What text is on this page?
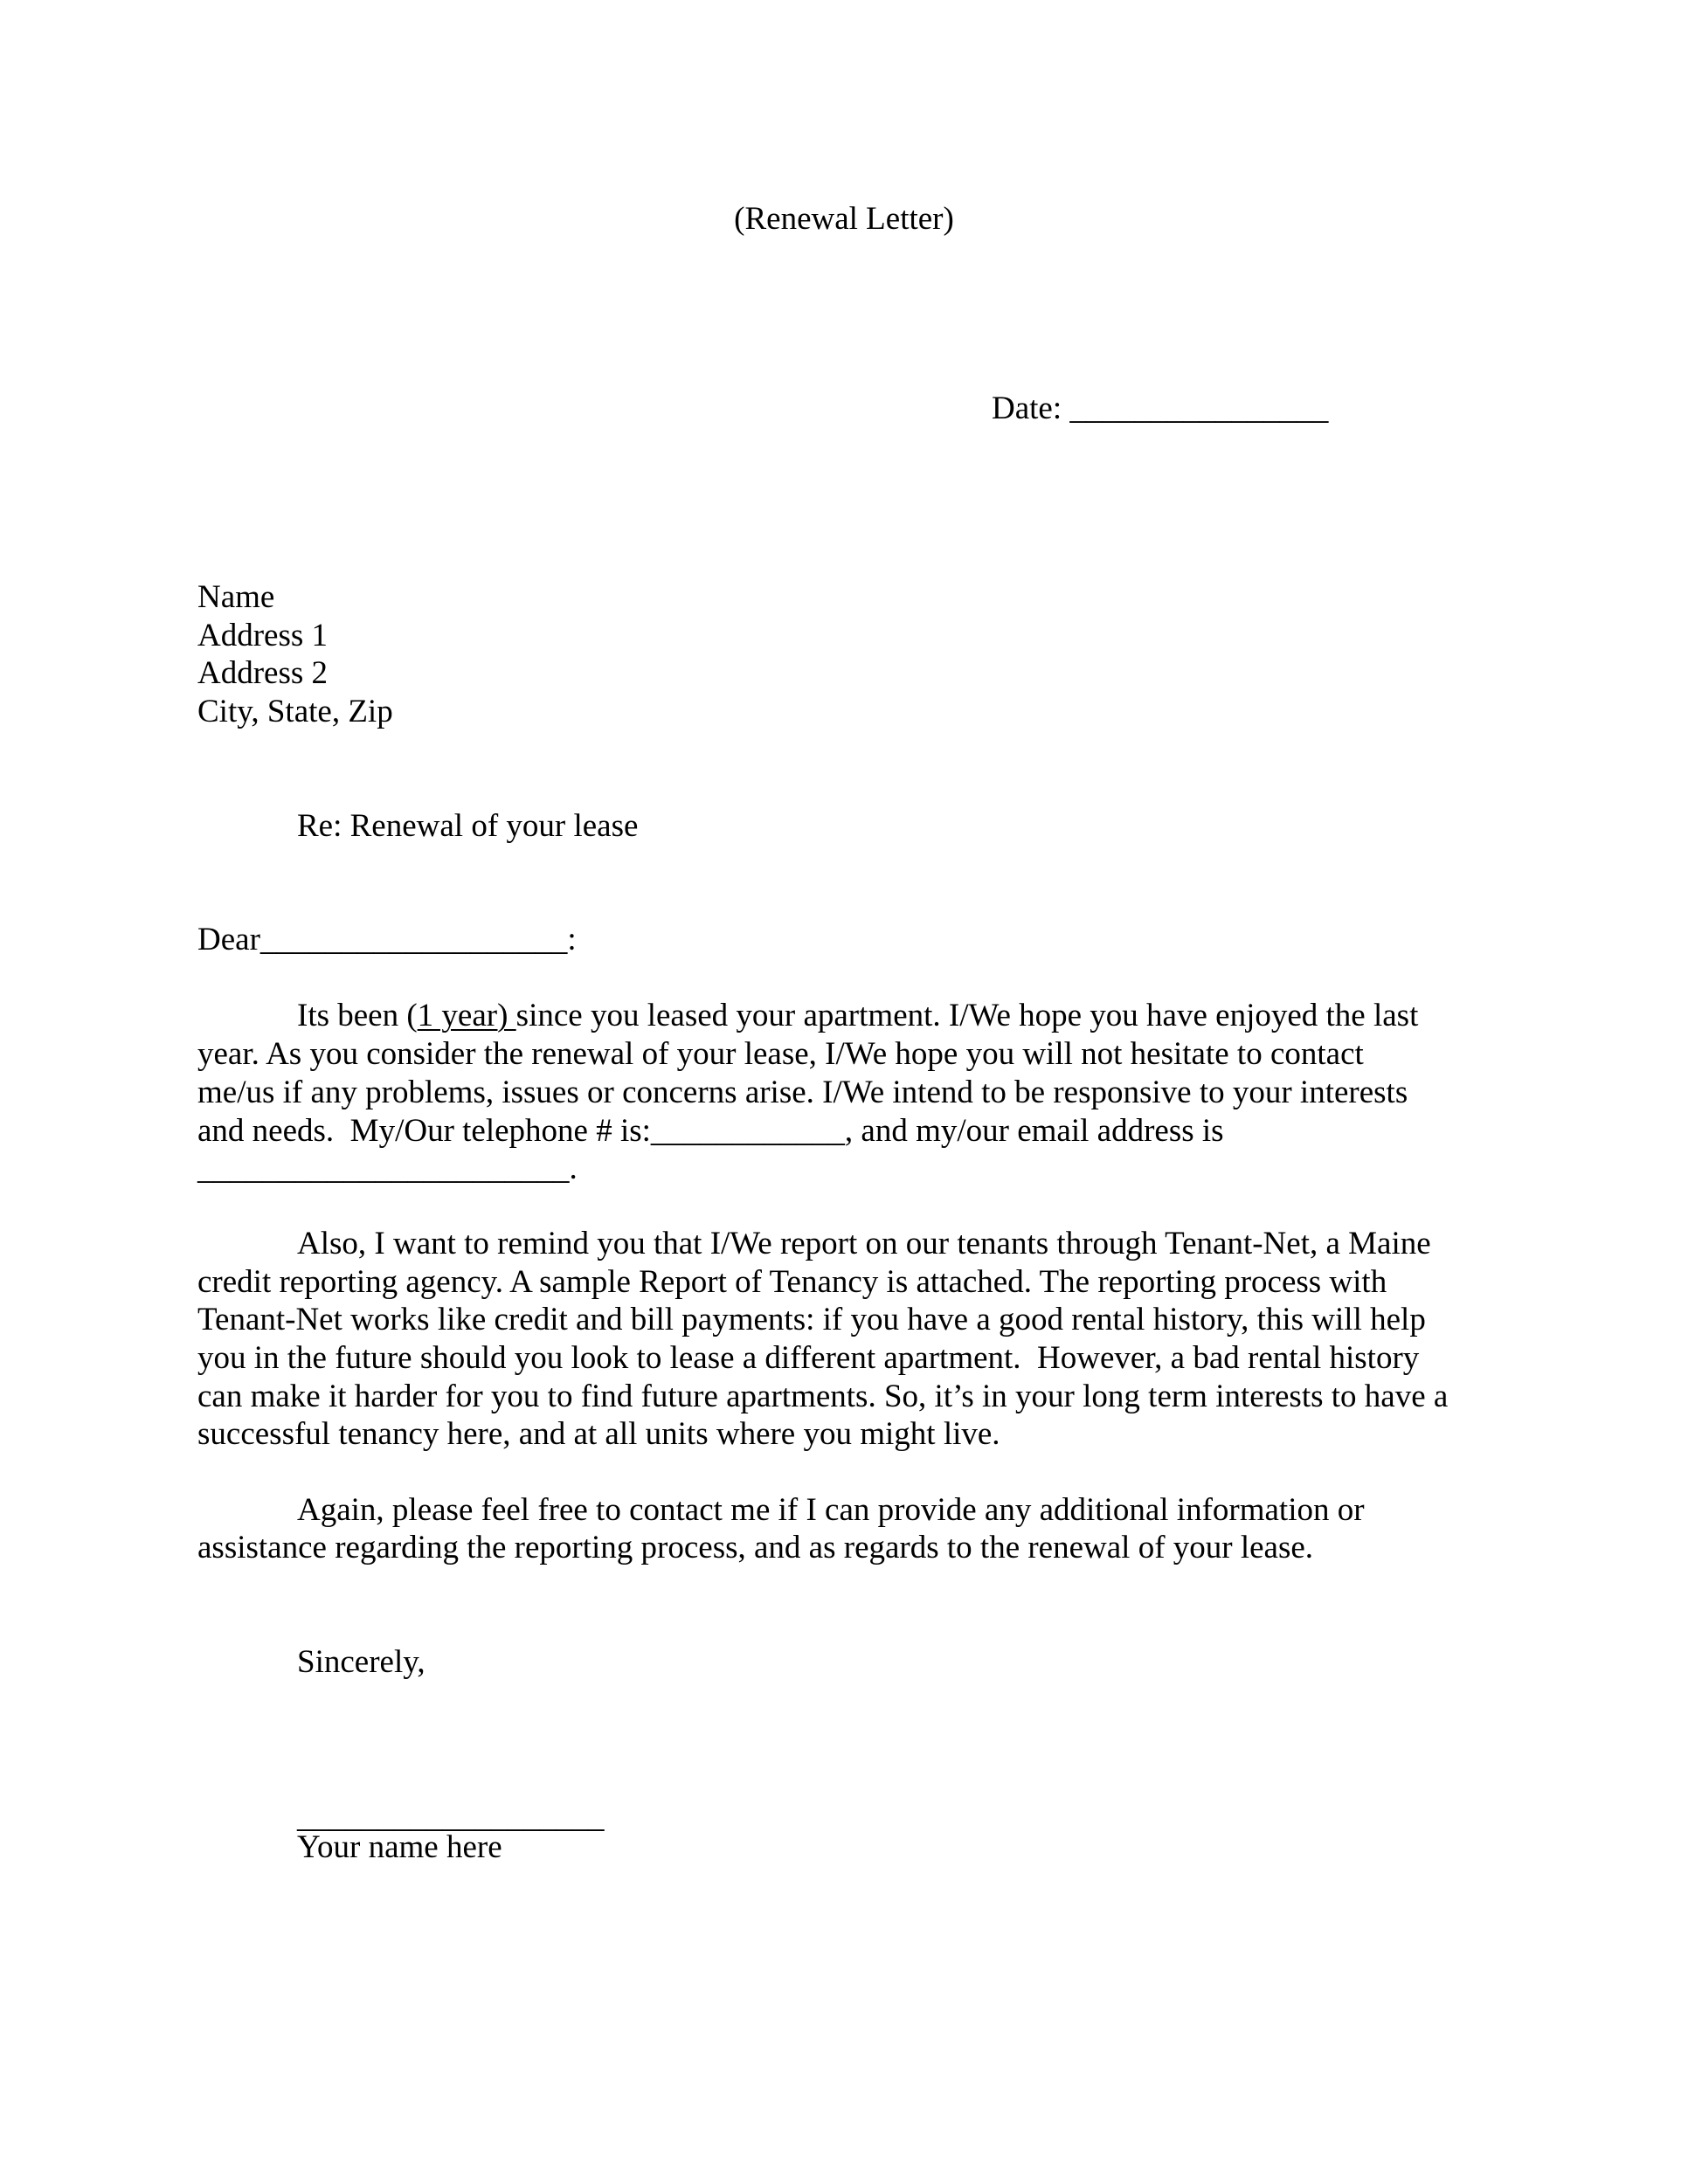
(Renewal Letter)
Date: ________________
Name
Address 1
Address 2
City, State, Zip
Re: Renewal of your lease
Dear___________________:
Its been (1 year) since you leased your apartment. I/We hope you have enjoyed the last
year. As you consider the renewal of your lease, I/We hope you will not hesitate to contact
me/us if any problems, issues or concerns arise. I/We intend to be responsive to your interests
and needs.  My/Our telephone # is:____________, and my/our email address is
_______________________.
Also, I want to remind you that I/We report on our tenants through Tenant-Net, a Maine
credit reporting agency. A sample Report of Tenancy is attached. The reporting process with
Tenant-Net works like credit and bill payments: if you have a good rental history, this will help
you in the future should you look to lease a different apartment.  However, a bad rental history
can make it harder for you to find future apartments. So, it’s in your long term interests to have a
successful tenancy here, and at all units where you might live.
Again, please feel free to contact me if I can provide any additional information or
assistance regarding the reporting process, and as regards to the renewal of your lease.
Sincerely,
___________________
Your name here
